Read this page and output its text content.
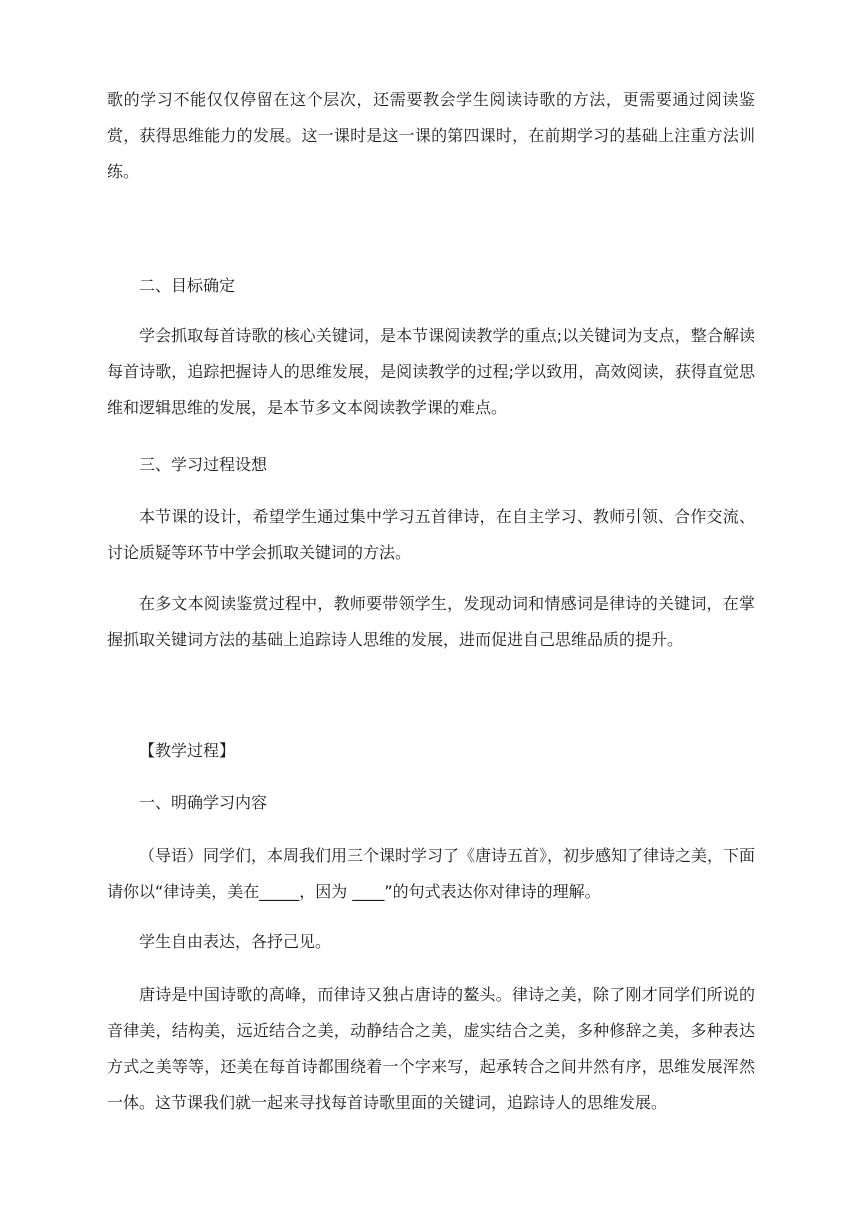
歌的学习不能仅仅停留在这个层次，还需要教会学生阅读诗歌的方法，更需要通过阅读鉴赏，获得思维能力的发展。这一课时是这一课的第四课时，在前期学习的基础上注重方法训练。

二、目标确定

学会抓取每首诗歌的核心关键词，是本节课阅读教学的重点;以关键词为支点，整合解读每首诗歌，追踪把握诗人的思维发展，是阅读教学的过程;学以致用，高效阅读，获得直觉思维和逻辑思维的发展，是本节多文本阅读教学课的难点。

三、学习过程设想

本节课的设计，希望学生通过集中学习五首律诗，在自主学习、教师引领、合作交流、讨论质疑等环节中学会抓取关键词的方法。

在多文本阅读鉴赏过程中，教师要带领学生，发现动词和情感词是律诗的关键词，在掌握抓取关键词方法的基础上追踪诗人思维的发展，进而促进自己思维品质的提升。

【教学过程】

一、明确学习内容

（导语）同学们，本周我们用三个课时学习了《唐诗五首》，初步感知了律诗之美，下面请你以“律诗美，美在_____，因为 ____”的句式表达你对律诗的理解。

学生自由表达，各抒己见。

唐诗是中国诗歌的高峰，而律诗又独占唐诗的鳌头。律诗之美，除了刚才同学们所说的音律美，结构美，远近结合之美，动静结合之美，虚实结合之美，多种修辞之美，多种表达方式之美等等，还美在每首诗都围绕着一个字来写，起承转合之间井然有序，思维发展浑然一体。这节课我们就一起来寻找每首诗歌里面的关键词，追踪诗人的思维发展。
